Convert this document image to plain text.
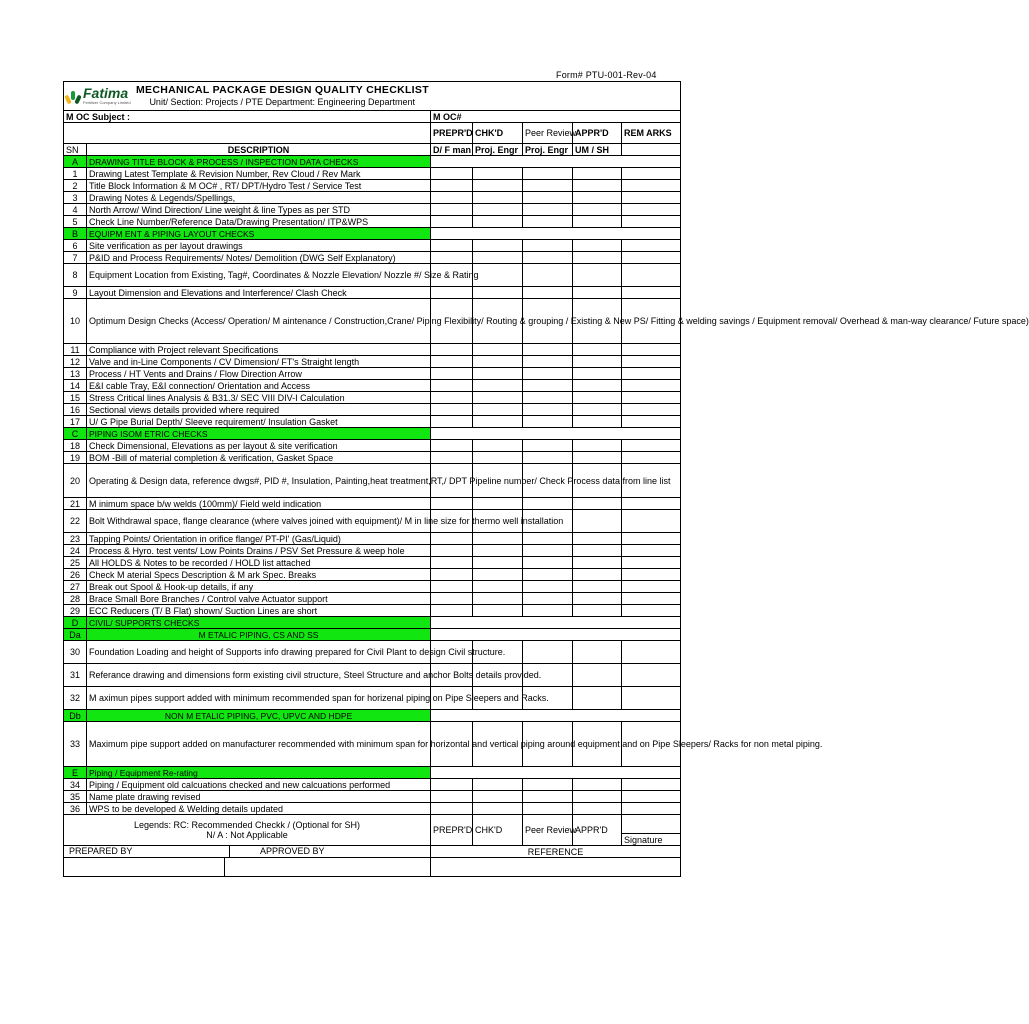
Form# PTU-001-Rev-04
Fatima
Fertilizer Company Limited
MECHANICAL PACKAGE DESIGN QUALITY CHECKLIST
Unit/ Section: Projects / PTE Department: Engineering Department						

M OC Subject :		M OC#				
		PREPR'D	CHK'D	Peer Review	APPR'D	REM ARKS
SN	DESCRIPTION	D/ F man	Proj. Engr	Proj. Engr	UM / SH	
A	DRAWING TITLE BLOCK & PROCESS / INSPECTION DATA CHECKS					
1	Drawing Latest Template & Revision Number, Rev Cloud / Rev Mark					
2	Title Block Information & M OC# , RT/ DPT/Hydro Test / Service Test					
3	Drawing Notes & Legends/Spellings,					
4	North Arrow/ Wind Direction/ Line weight & line Types as per STD					
5	Check Line Number/Reference Data/Drawing Presentation/ ITP&WPS					
B	EQUIPM ENT & PIPING LAYOUT CHECKS					
6	Site verification as per layout drawings					
7	P&ID and Process Requirements/ Notes/ Demolition (DWG Self Explanatory)					
8	Equipment Location from Existing, Tag#, Coordinates & Nozzle Elevation/ Nozzle #/ Size & Rating					
9	Layout Dimension and Elevations and Interference/ Clash Check					
10	Optimum Design Checks (Access/ Operation/ M aintenance / Construction,Crane/ Piping Flexibility/ Routing & grouping / Existing & New PS/ Fitting & welding savings / Equipment removal/ Overhead & man-way clearance/ Future space)					
11	Compliance with Project relevant Specifications					
12	Valve and in-Line Components / CV Dimension/ FT's Straight length					
13	Process / HT Vents and Drains / Flow Direction Arrow					
14	E&I cable Tray, E&I connection/ Orientation and Access					
15	Stress Critical lines Analysis & B31.3/ SEC VIII DIV-I Calculation					
16	Sectional views details provided where required					
17	U/ G Pipe Burial Depth/ Sleeve requirement/ Insulation Gasket					
C	PIPING ISOM ETRIC CHECKS					
18	Check Dimensional, Elevations as per layout & site verification					
19	BOM -Bill of material completion & verification, Gasket Space					
20	Operating & Design data, reference dwgs#, PID #, Insulation, Painting,heat treatment,RT,/ DPT Pipeline number/ Check Process data from line list					
21	M inimum space b/w welds (100mm)/ Field weld indication					
22	Bolt Withdrawal space, flange clearance (where valves joined with equipment)/ M in line size for thermo well installation					
23	Tapping Points/ Orientation in orifice flange/ PT-PI' (Gas/Liquid)					
24	Process & Hyro. test vents/ Low Points Drains / PSV Set Pressure & weep hole					
25	All HOLDS & Notes to be recorded / HOLD list attached					
26	Check M aterial Specs Description & M ark Spec. Breaks					
27	Break out Spool & Hook-up details, if any					
28	Brace Small Bore Branches / Control valve Actuator support					
29	ECC Reducers (T/ B Flat) shown/ Suction Lines are short					
D	CIVIL/ SUPPORTS CHECKS					
Da	M ETALIC PIPING, CS AND SS					
30	Foundation Loading and height of Supports info drawing prepared for Civil Plant to design Civil structure.					
31	Referance drawing and dimensions form existing civil structure, Steel Structure and anchor Bolts details provided.					
32	M aximun pipes support added with minimum recommended span for horizenal piping on Pipe Sleepers and Racks.					
Db	NON M ETALIC PIPING, PVC, UPVC AND HDPE					
33	Maximum pipe support added on manufacturer recommended with minimum span for horizontal and vertical piping around equipment and on Pipe Sleepers/ Racks for non metal piping.					
E	Piping / Equipment Re-rating					
34	Piping / Equipment old calcuations checked and new calcuations performed					
35	Name plate drawing revised					
36	WPS to be developed & Welding details updated					

Legends: RC: Recommended Checkk / (Optional for SH)
N/ A : Not Applicable		PREPR'D	CHK'D	Peer Review	APPR'D	
						Signature

PREPARED BY APPROVED BY		REFERENCE				
